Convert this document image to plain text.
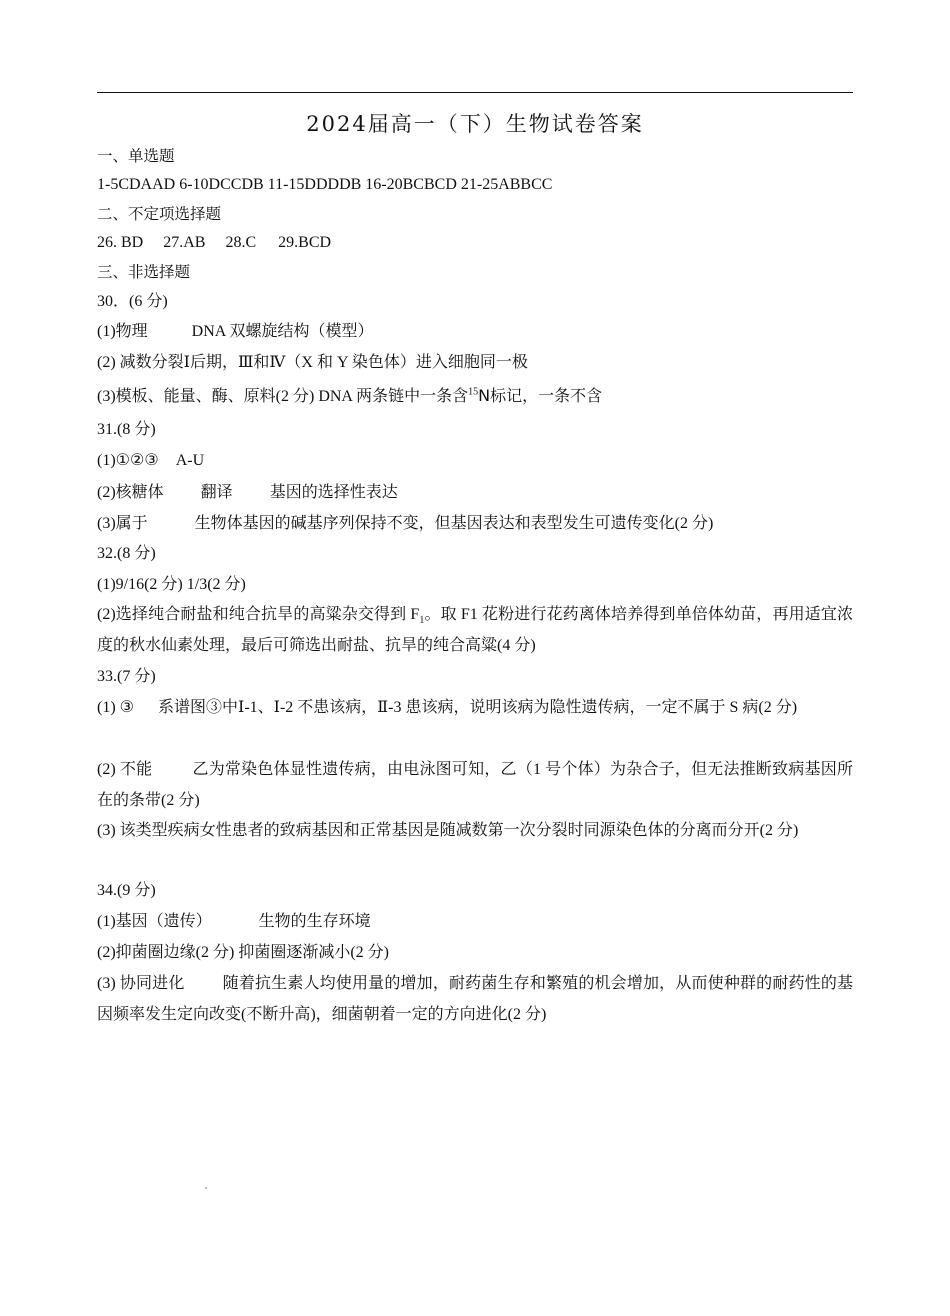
2024届高一（下）生物试卷答案
一、单选题
1-5CDAAD 6-10DCCDB 11-15DDDDB 16-20BCBCD 21-25ABBCC
二、不定项选择题
26. BD 27.AB 28.C 29.BCD
三、非选择题
30．(6 分)
(1)物理	DNA 双螺旋结构（模型）
(2) 减数分裂Ⅰ后期，Ⅲ和Ⅳ（X 和 Y 染色体）进入细胞同一极
(3)模板、能量、酶、原料(2 分) DNA 两条链中一条含$^{15}$N标记，一条不含
31.(8 分)
(1)①②③ A-U
(2)核糖体 翻译 基因的选择性表达
(3)属于	生物体基因的碱基序列保持不变，但基因表达和表型发生可遗传变化(2 分)
32.(8 分)
(1)9/16(2 分) 1/3(2 分)
(2)选择纯合耐盐和纯合抗旱的高粱杂交得到 $F_1$。取 F1 花粉进行花药离体培养得到单倍体幼苗，再用适宜浓度的秋水仙素处理，最后可筛选出耐盐、抗旱的纯合高粱(4 分)
33.(7 分)
(1) ③ 系谱图③中Ⅰ-1、Ⅰ-2 不患该病，Ⅱ-3 患该病，说明该病为隐性遗传病，一定不属于 S 病(2 分)
(2) 不能	乙为常染色体显性遗传病，由电泳图可知，乙（1 号个体）为杂合子，但无法推断致病基因所在的条带(2 分)
(3) 该类型疾病女性患者的致病基因和正常基因是随减数第一次分裂时同源染色体的分离而分开(2 分)
34.(9 分)
(1)基因（遗传）	生物的生存环境
(2)抑菌圈边缘(2 分) 抑菌圈逐渐减小(2 分)
(3) 协同进化 随着抗生素人均使用量的增加，耐药菌生存和繁殖的机会增加，从而使种群的耐药性的基因频率发生定向改变(不断升高)，细菌朝着一定的方向进化(2 分)
